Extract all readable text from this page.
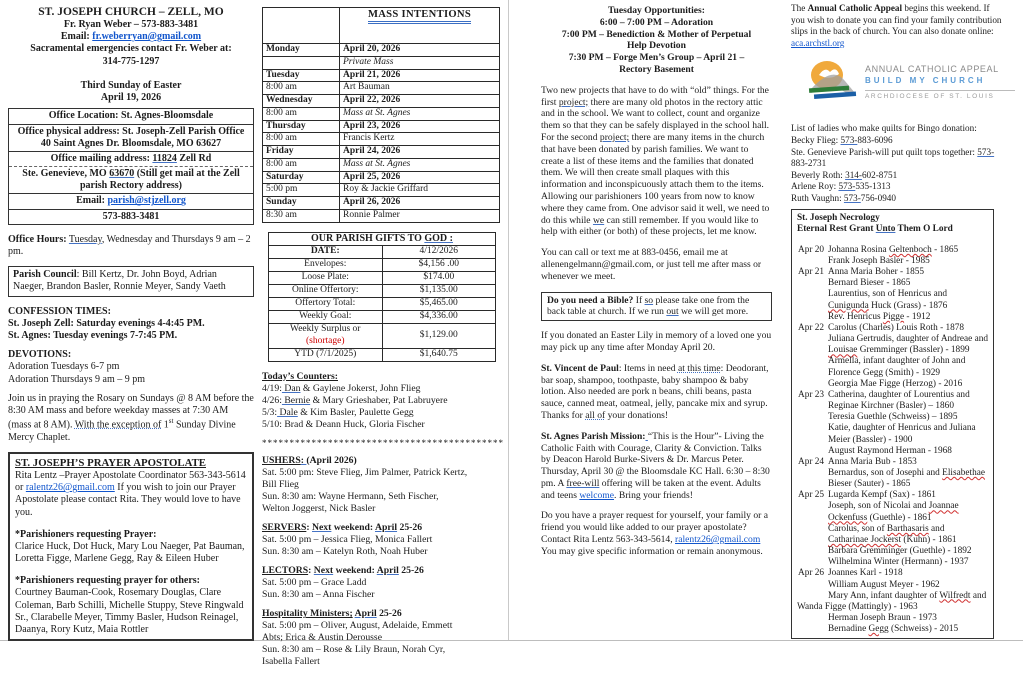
ST. JOSEPH CHURCH – ZELL, MO
Fr. Ryan Weber – 573-883-3481
Email: fr.weberryan@gmail.com
Sacramental emergencies contact Fr. Weber at:
314-775-1297

Third Sunday of Easter
April 19, 2026
Office Location: St. Agnes-Bloomsdale
Office physical address: St. Joseph-Zell Parish Office 40 Saint Agnes Dr. Bloomsdale, MO 63627
Office mailing address: 11824 Zell Rd
Ste. Genevieve, MO 63670 (Still get mail at the Zell parish Rectory address)
Email: parish@stjzell.org
573-883-3481
Office Hours: Tuesday, Wednesday and Thursdays 9 am – 2 pm.
Parish Council: Bill Kertz, Dr. John Boyd, Adrian Naeger, Brandon Basler, Ronnie Meyer, Sandy Vaeth
CONFESSION TIMES:
St. Joseph Zell: Saturday evenings 4-4:45 PM.
St. Agnes: Tuesday evenings 7-7:45 PM.
DEVOTIONS:
Adoration Tuesdays 6-7 pm
Adoration Thursdays 9 am – 9 pm
Join us in praying the Rosary on Sundays @ 8 AM before the 8:30 AM mass and before weekday masses at 7:30 AM (mass at 8 AM). With the exception of 1st Sunday Divine Mercy Chaplet.
ST. JOSEPH’S PRAYER APOSTOLATE
Rita Lentz –Prayer Apostolate Coordinator 563-343-5614 or ralentz26@gmail.com If you wish to join our Prayer Apostolate please contact Rita. They would love to have you.
*Parishioners requesting Prayer:
Clarice Huck, Dot Huck, Mary Lou Naeger, Pat Bauman, Loretta Figge, Marlene Gegg, Ray & Eileen Huber
*Parishioners requesting prayer for others:
Courtney Bauman-Cook, Rosemary Douglas, Clare Coleman, Barb Schilli, Michelle Stuppy, Steve Ringwald Sr., Clarabelle Meyer, Timmy Basler, Hudson Reinagel, Daanya, Rory Kutz, Maia Rottler
	MASS INTENTIONS
Monday	April 20, 2026
	Private Mass
Tuesday	April 21, 2026
8:00 am	Art Bauman
Wednesday	April 22, 2026
8:00 am	Mass at St. Agnes
Thursday	April 23, 2026
8:00 am	Francis Kertz
Friday	April 24, 2026
8:00 am	Mass at St. Agnes
Saturday	April 25, 2026
5:00 pm	Roy & Jackie Griffard
Sunday	April 26, 2026
8:30 am	Ronnie Palmer
OUR PARISH GIFTS TO GOD :	
DATE:	4/12/2026
Envelopes:	$4,156 .00
Loose Plate:	$174.00
Online Offertory:	$1,135.00
Offertory Total:	$5,465.00
Weekly Goal:	$4,336.00
Weekly Surplus or
(shortage)	$1,129.00
YTD (7/1/2025)	$1,640.75
Today’s Counters:
4/19: Dan & Gaylene Jokerst, John Flieg
4/26: Bernie & Mary Grieshaber, Pat Labruyere
5/3: Dale & Kim Basler, Paulette Gegg
5/10: Brad & Deann Huck, Gloria Fischer
********************************************
USHERS: (April 2026)
Sat. 5:00 pm: Steve Flieg, Jim Palmer, Patrick Kertz,
Bill Flieg
Sun. 8:30 am: Wayne Hermann, Seth Fischer,
Welton Joggerst, Nick Basler
SERVERS: Next weekend: April 25-26
Sat. 5:00 pm – Jessica Flieg, Monica Fallert
Sun. 8:30 am – Katelyn Roth, Noah Huber
LECTORS: Next weekend: April 25-26
Sat. 5:00 pm – Grace Ladd
Sun. 8:30 am – Anna Fischer
Hospitality Ministers; April 25-26
Sat. 5:00 pm – Oliver, August, Adelaide, Emmett
Abts; Erica & Austin Derousse
Sun. 8:30 am – Rose & Lily Braun, Norah Cyr,
Isabella Fallert
Tuesday Opportunities:
6:00 – 7:00 PM – Adoration
7:00 PM – Benediction & Mother of Perpetual
Help Devotion
7:30 PM – Forge Men’s Group – April 21 –
Rectory Basement
Two new projects that have to do with “old” things. For the first project; there are many old photos in the rectory attic and in the school. We want to collect, count and organize them so that they can be safely displayed in the school hall. For the second project; there are many items in the church that have been donated by parish families. We want to create a list of these items and the families that donated them. We will then create small plaques with this information and inconspicuously attach them to the items. Allowing our parishioners 100 years from now to know where they came from. One advisor said it well, we need to do this while we can still remember. If you would like to help with either (or both) of these projects, let me know.
You can call or text me at 883-0456, email me at allenengelmann@gmail.com, or just tell me after mass or whenever we meet.
Do you need a Bible? If so please take one from the back table at church. If we run out we will get more.
If you donated an Easter Lily in memory of a loved one you may pick up any time after Monday April 20.
St. Vincent de Paul: Items in need at this time: Deodorant, bar soap, shampoo, toothpaste, baby shampoo & baby lotion. Also needed are pork n beans, chili beans, pasta sauce, canned meat, oatmeal, jelly, pancake mix and syrup. Thanks for all of your donations!
St. Agnes Parish Mission: “This is the Hour”- Living the Catholic Faith with Courage, Clarity & Conviction. Talks by Deacon Harold Burke-Sivers & Dr. Marcus Peter. Thursday, April 30 @ the Bloomsdale KC Hall. 6:30 – 8:30 pm. A free-will offering will be taken at the event. Adults and teens welcome. Bring your friends!
Do you have a prayer request for yourself, your family or a friend you would like added to our prayer apostolate? Contact Rita Lentz 563-343-5614, ralentz26@gmail.com You may give specific information or remain anonymous.
The Annual Catholic Appeal begins this weekend. If
you wish to donate you can find your family contribution
slips in the back of church. You can also donate online:
aca.archstl.org
ANNUAL CATHOLIC APPEAL
BUILD MY CHURCH
ARCHDIOCESE OF ST. LOUIS
List of ladies who make quilts for Bingo donation:
Becky Flieg: 573-883-6096
Ste. Genevieve Parish-will put quilt tops together: 573-
883-2731
Beverly Roth: 314-602-8751
Arlene Roy: 573-535-1313
Ruth Vaughn: 573-756-0940
St. Joseph Necrology
Eternal Rest Grant Unto Them O Lord
Apr 20 Johanna Rosina Geltenboch - 1865
Frank Joseph Basler - 1985
Apr 21 Anna Maria Boher - 1855
Bernard Bieser - 1865
Laurentius, son of Henricus and
Cunigunda Huck (Grass) - 1876
Rev. Henricus Pigge - 1912
Apr 22 Carolus (Charles) Louis Roth - 1878
Juliana Gertrudis, daughter of Andreae and
Louisae Gremminger (Bassler) - 1899
Armella, infant daughter of John and
Florence Gegg (Smith) - 1929
Georgia Mae Figge (Herzog) - 2016
Apr 23 Catherina, daughter of Lourentius and
Reginae Kirchner (Basler) – 1860
Teresia Guethle (Schweiss) – 1895
Katie, daughter of Henricus and Juliana
Meier (Bassler) - 1900
August Raymond Herman - 1968
Apr 24 Anna Maria Bub - 1853
Bernardus, son of Josephi and Elisabethae
Bieser (Sauter) - 1865
Apr 25 Lugarda Kempf (Sax) - 1861
Joseph, son of Nicolai and Joannae
Ockenfuss (Guethle) - 1861
Carolus, son of Barthasaris and
Catharinae Jockerst (Kuhn) - 1861
Barbara Gremminger (Guethle) - 1892
Wilhelmina Winter (Hermann) - 1937
Apr 26 Joannes Karl - 1918
William August Meyer - 1962
Mary Ann, infant daughter of Wilfredt and
Wanda Figge (Mattingly) - 1963
Herman Joseph Braun - 1973
Bernadine Gegg (Schweiss) - 2015
